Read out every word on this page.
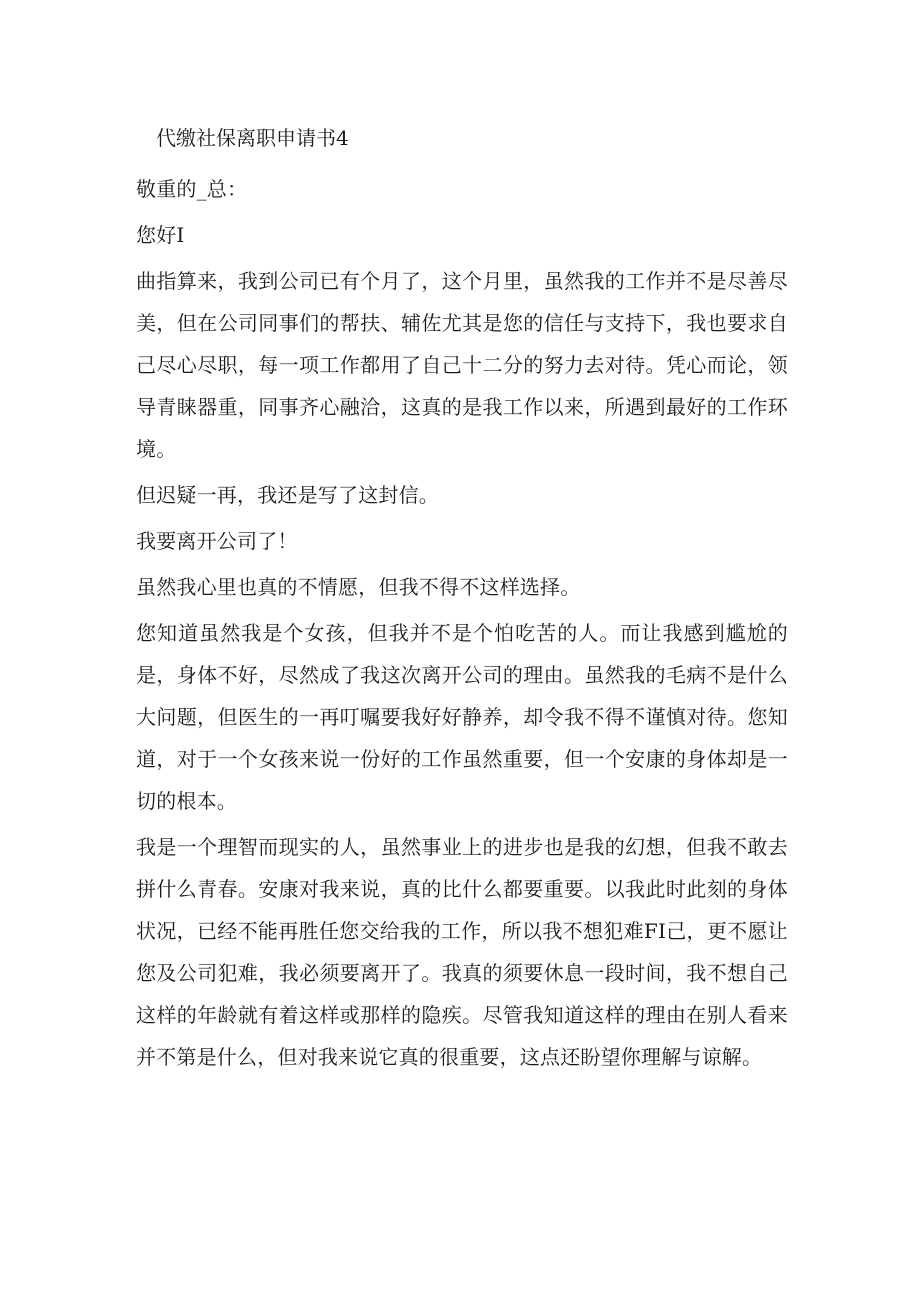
代缴社保离职申请书4

敬重的_总：

您好I

曲指算来，我到公司已有个月了，这个月里，虽然我的工作并不是尽善尽美，但在公司同事们的帮扶、辅佐尤其是您的信任与支持下，我也要求自己尽心尽职，每一项工作都用了自己十二分的努力去对待。凭心而论，领导青睐器重，同事齐心融洽，这真的是我工作以来，所遇到最好的工作环境。

但迟疑一再，我还是写了这封信。

我要离开公司了！

虽然我心里也真的不情愿，但我不得不这样选择。

您知道虽然我是个女孩，但我并不是个怕吃苦的人。而让我感到尴尬的是，身体不好，尽然成了我这次离开公司的理由。虽然我的毛病不是什么大问题，但医生的一再叮嘱要我好好静养，却令我不得不谨慎对待。您知道，对于一个女孩来说一份好的工作虽然重要，但一个安康的身体却是一切的根本。

我是一个理智而现实的人，虽然事业上的进步也是我的幻想，但我不敢去拼什么青春。安康对我来说，真的比什么都要重要。以我此时此刻的身体状况，已经不能再胜任您交给我的工作，所以我不想犯难FI己，更不愿让您及公司犯难，我必须要离开了。我真的须要休息一段时间，我不想自己这样的年龄就有着这样或那样的隐疾。尽管我知道这样的理由在别人看来并不第是什么，但对我来说它真的很重要，这点还盼望你理解与谅解。
